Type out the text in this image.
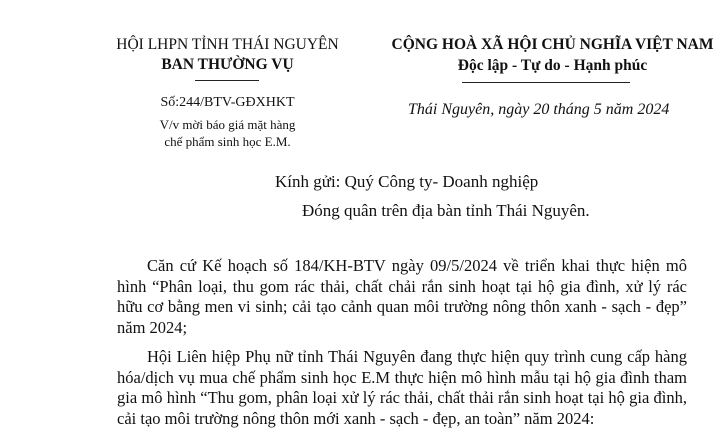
HỘI LHPN TỈNH THÁI NGUYÊN
BAN THƯỜNG VỤ
CỘNG HOÀ XÃ HỘI CHỦ NGHĨA VIỆT NAM
Độc lập - Tự do - Hạnh phúc
Số:244/BTV-GĐXHKT
V/v mời báo giá mặt hàng
chế phẩm sinh học E.M.
Thái Nguyên, ngày 20 tháng 5 năm 2024
Kính gửi: Quý Công ty- Doanh nghiệp
Đóng quân trên địa bàn tỉnh Thái Nguyên.
Căn cứ Kế hoạch số 184/KH-BTV ngày 09/5/2024 về triển khai thực hiện mô hình “Phân loại, thu gom rác thải, chất chải rắn sinh hoạt tại hộ gia đình, xử lý rác hữu cơ bằng men vi sinh; cải tạo cảnh quan môi trường nông thôn xanh - sạch - đẹp” năm 2024;
Hội Liên hiệp Phụ nữ tỉnh Thái Nguyên đang thực hiện quy trình cung cấp hàng hóa/dịch vụ mua chế phẩm sinh học E.M thực hiện mô hình mẫu tại hộ gia đình tham gia mô hình “Thu gom, phân loại xử lý rác thải, chất thải rắn sinh hoạt tại hộ gia đình, cải tạo môi trường nông thôn mới xanh - sạch - đẹp, an toàn” năm 2024:
